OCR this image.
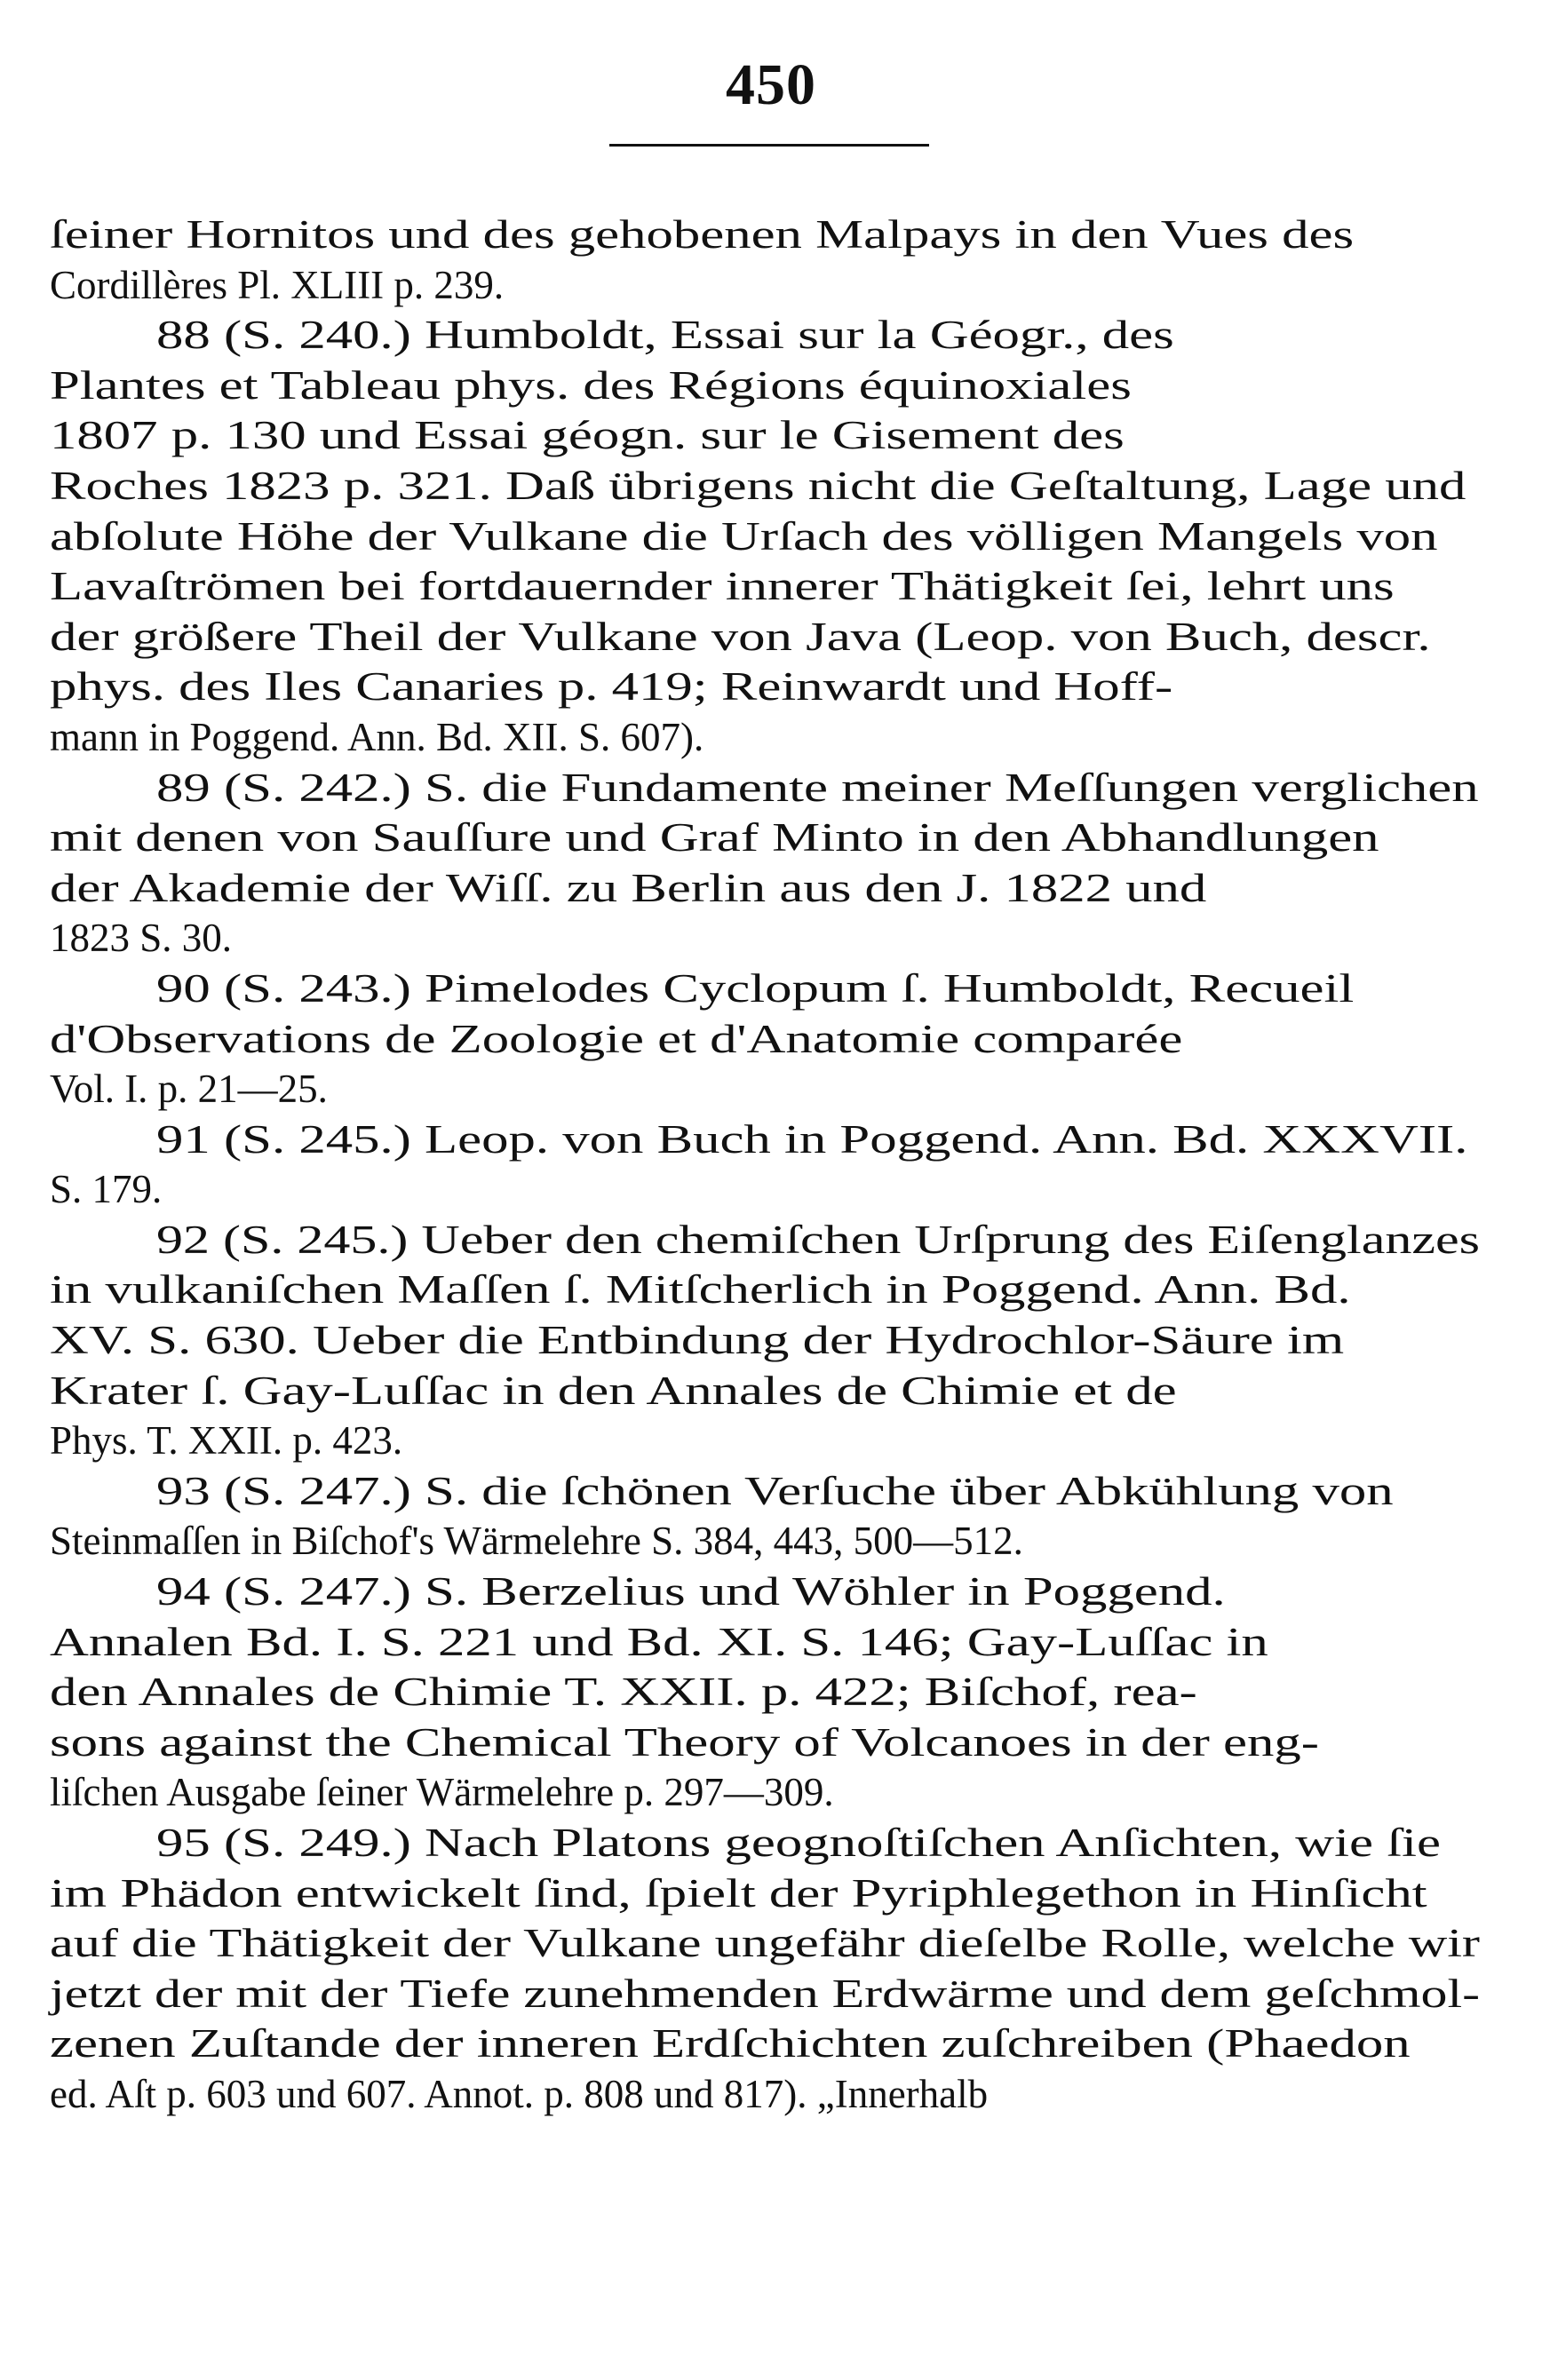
450
ſeiner Hornitos und des gehobenen Malpays in den Vues des
Cordillères Pl. XLIII p. 239.
88 (S. 240.) Humboldt, Essai sur la Géogr., des
Plantes et Tableau phys. des Régions équinoxiales
1807 p. 130 und Essai géogn. sur le Gisement des
Roches 1823 p. 321. Daß übrigens nicht die Geſtaltung, Lage und
abſolute Höhe der Vulkane die Urſach des völligen Mangels von
Lavaſtrömen bei fortdauernder innerer Thätigkeit ſei, lehrt uns
der größere Theil der Vulkane von Java (Leop. von Buch, descr.
phys. des Iles Canaries p. 419; Reinwardt und Hoff-
mann in Poggend. Ann. Bd. XII. S. 607).
89 (S. 242.) S. die Fundamente meiner Meſſungen verglichen
mit denen von Sauſſure und Graf Minto in den Abhandlungen
der Akademie der Wiſſ. zu Berlin aus den J. 1822 und
1823 S. 30.
90 (S. 243.) Pimelodes Cyclopum ſ. Humboldt, Recueil
d'Observations de Zoologie et d'Anatomie comparée
Vol. I. p. 21—25.
91 (S. 245.) Leop. von Buch in Poggend. Ann. Bd. XXXVII.
S. 179.
92 (S. 245.) Ueber den chemiſchen Urſprung des Eiſenglanzes
in vulkaniſchen Maſſen ſ. Mitſcherlich in Poggend. Ann. Bd.
XV. S. 630. Ueber die Entbindung der Hydrochlor-Säure im
Krater ſ. Gay-Luſſac in den Annales de Chimie et de
Phys. T. XXII. p. 423.
93 (S. 247.) S. die ſchönen Verſuche über Abkühlung von
Steinmaſſen in Biſchof's Wärmelehre S. 384, 443, 500—512.
94 (S. 247.) S. Berzelius und Wöhler in Poggend.
Annalen Bd. I. S. 221 und Bd. XI. S. 146; Gay-Luſſac in
den Annales de Chimie T. XXII. p. 422; Biſchof, rea-
sons against the Chemical Theory of Volcanoes in der eng-
liſchen Ausgabe ſeiner Wärmelehre p. 297—309.
95 (S. 249.) Nach Platons geognoſtiſchen Anſichten, wie ſie
im Phädon entwickelt ſind, ſpielt der Pyriphlegethon in Hinſicht
auf die Thätigkeit der Vulkane ungefähr dieſelbe Rolle, welche wir
jetzt der mit der Tiefe zunehmenden Erdwärme und dem geſchmol-
zenen Zuſtande der inneren Erdſchichten zuſchreiben (Phaedon
ed. Aſt p. 603 und 607. Annot. p. 808 und 817). „Innerhalb
